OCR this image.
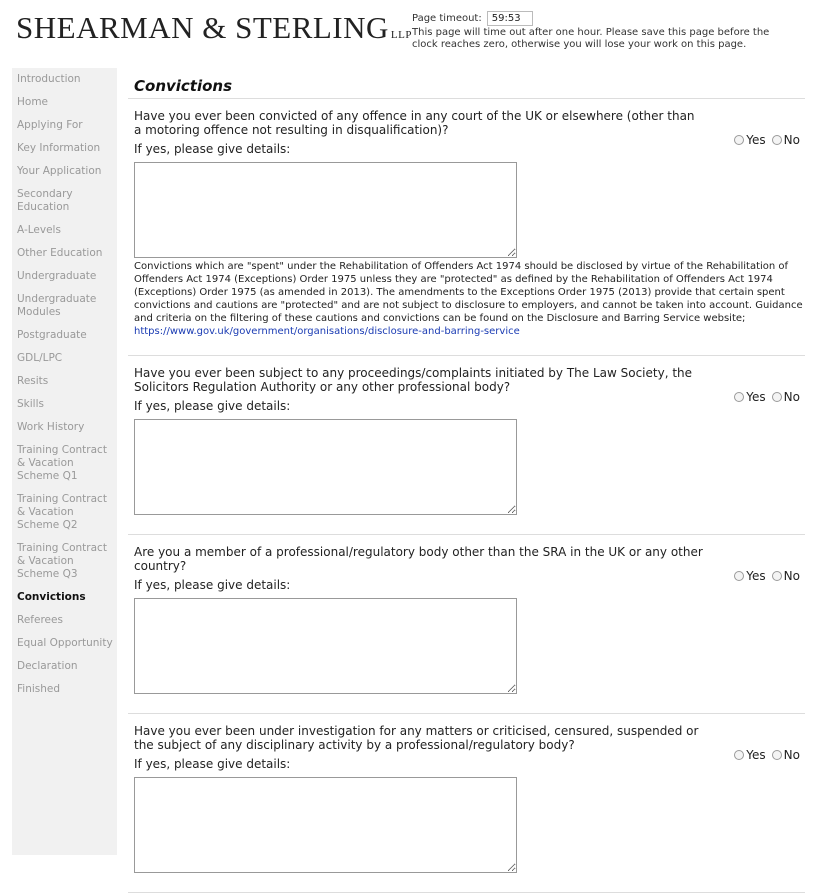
SHEARMAN & STERLING LLP
Page timeout:	59:53
This page will time out after one hour. Please save this page before the clock reaches zero, otherwise you will lose your work on this page.
Introduction
Home
Applying For
Key Information
Your Application
Secondary Education
A-Levels
Other Education
Undergraduate
Undergraduate Modules
Postgraduate
GDL/LPC
Resits
Skills
Work History
Training Contract & Vacation Scheme Q1
Training Contract & Vacation Scheme Q2
Training Contract & Vacation Scheme Q3
Convictions
Referees
Equal Opportunity
Declaration
Finished
Convictions
Have you ever been convicted of any offence in any court of the UK or elsewhere (other than a motoring offence not resulting in disqualification)?
Yes No
If yes, please give details:
Convictions which are "spent" under the Rehabilitation of Offenders Act 1974 should be disclosed by virtue of the Rehabilitation of Offenders Act 1974 (Exceptions) Order 1975 unless they are "protected" as defined by the Rehabilitation of Offenders Act 1974 (Exceptions) Order 1975 (as amended in 2013). The amendments to the Exceptions Order 1975 (2013) provide that certain spent convictions and cautions are "protected" and are not subject to disclosure to employers, and cannot be taken into account. Guidance and criteria on the filtering of these cautions and convictions can be found on the Disclosure and Barring Service website; https://www.gov.uk/government/organisations/disclosure-and-barring-service
Have you ever been subject to any proceedings/complaints initiated by The Law Society, the Solicitors Regulation Authority or any other professional body?
Yes No
If yes, please give details:
Are you a member of a professional/regulatory body other than the SRA in the UK or any other country?
Yes No
If yes, please give details:
Have you ever been under investigation for any matters or criticised, censured, suspended or the subject of any disciplinary activity by a professional/regulatory body?
Yes No
If yes, please give details:
